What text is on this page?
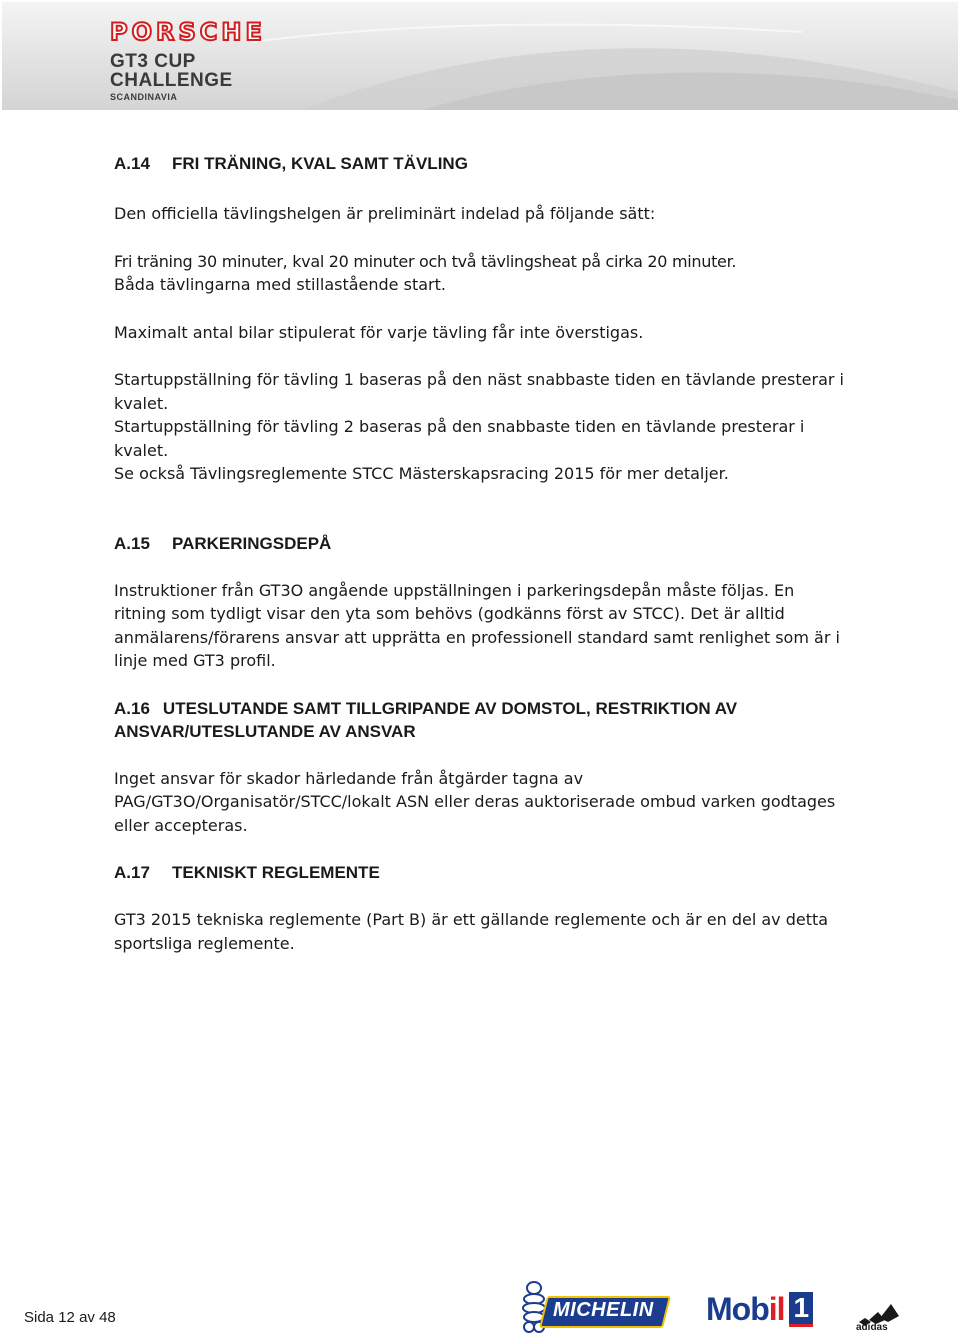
PORSCHE
GT3 CUP
CHALLENGE
SCANDINAVIA
A.14 FRI TRÄNING, KVAL SAMT TÄVLING

Den officiella tävlingshelgen är preliminärt indelad på följande sätt:

Fri träning 30 minuter, kval 20 minuter och två tävlingsheat på cirka 20 minuter.

Båda tävlingarna med stillastående start.

Maximalt antal bilar stipulerat för varje tävling får inte överstigas.

Startuppställning för tävling 1 baseras på den näst snabbaste tiden en tävlande presterar i kvalet.

Startuppställning för tävling 2 baseras på den snabbaste tiden en tävlande presterar i kvalet.

Se också Tävlingsreglemente STCC Mästerskapsracing 2015 för mer detaljer.

A.15 PARKERINGSDEPÅ

Instruktioner från GT3O angående uppställningen i parkeringsdepån måste följas. En ritning som tydligt visar den yta som behövs (godkänns först av STCC). Det är alltid anmälarens/förarens ansvar att upprätta en professionell standard samt renlighet som är i linje med GT3 profil.

A.16 UTESLUTANDE SAMT TILLGRIPANDE AV DOMSTOL, RESTRIKTION AV ANSVAR/UTESLUTANDE AV ANSVAR

Inget ansvar för skador härledande från åtgärder tagna av PAG/GT3O/Organisatör/STCC/lokalt ASN eller deras auktoriserade ombud varken godtages eller accepteras.

A.17 TEKNISKT REGLEMENTE

GT3 2015 tekniska reglemente (Part B) är ett gällande reglemente och är en del av detta sportsliga reglemente.

Sida 12 av 48	MICHELIN Mobil 1
adidas
